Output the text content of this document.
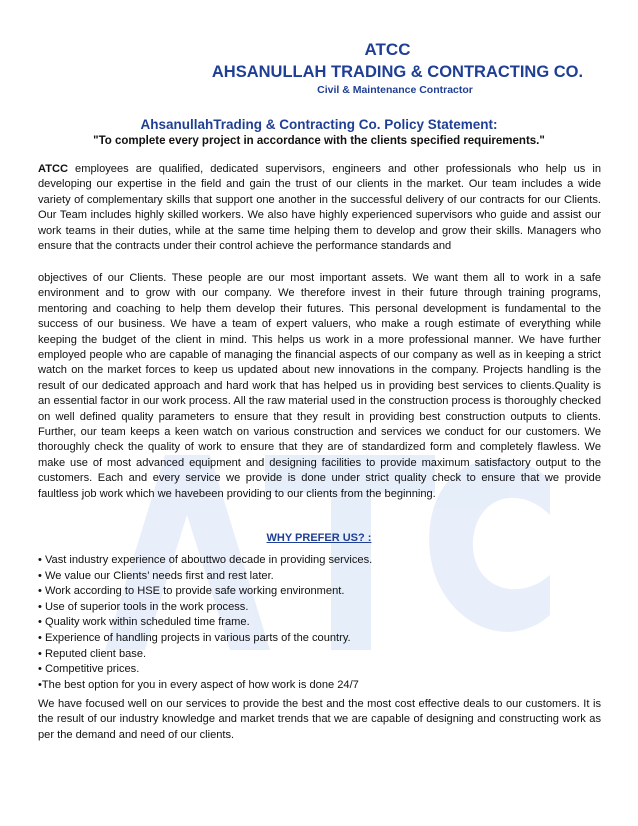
ATCC
AHSANULLAH TRADING & CONTRACTING CO.
Civil & Maintenance Contractor
AhsanullahTrading & Contracting Co. Policy Statement:
"To complete every project in accordance with the clients specified requirements."

ATCC employees are qualified, dedicated supervisors, engineers and other professionals who help us in developing our expertise in the field and gain the trust of our clients in the market. Our team includes a wide variety of complementary skills that support one another in the successful delivery of our contracts for our Clients. Our Team includes highly skilled workers. We also have highly experienced supervisors who guide and assist our work teams in their duties, while at the same time helping them to develop and grow their skills. Managers who ensure that the contracts under their control achieve the performance standards and

objectives of our Clients. These people are our most important assets. We want them all to work in a safe environment and to grow with our company. We therefore invest in their future through training programs, mentoring and coaching to help them develop their futures. This personal development is fundamental to the success of our business. We have a team of expert valuers, who make a rough estimate of everything while keeping the budget of the client in mind. This helps us work in a more professional manner. We have further employed people who are capable of managing the financial aspects of our company as well as in keeping a strict watch on the market forces to keep us updated about new innovations in the company. Projects handling is the result of our dedicated approach and hard work that has helped us in providing best services to clients.Quality is an essential factor in our work process. All the raw material used in the construction process is thoroughly checked on well defined quality parameters to ensure that they result in providing best construction outputs to clients. Further, our team keeps a keen watch on various construction and services we conduct for our customers. We thoroughly check the quality of work to ensure that they are of standardized form and completely flawless. We make use of most advanced equipment and designing facilities to provide maximum satisfactory output to the customers. Each and every service we provide is done under strict quality check to ensure that we provide faultless job work which we havebeen providing to our clients from the beginning.

WHY PREFER US? :
• Vast industry experience of abouttwo decade in providing services.
• We value our Clients’ needs first and rest later.
• Work according to HSE to provide safe working environment.
• Use of superior tools in the work process.
• Quality work within scheduled time frame.
• Experience of handling projects in various parts of the country.
• Reputed client base.
• Competitive prices.
•The best option for you in every aspect of how work is done 24/7

We have focused well on our services to provide the best and the most cost effective deals to our customers. It is the result of our industry knowledge and market trends that we are capable of designing and constructing work as per the demand and need of our clients.
